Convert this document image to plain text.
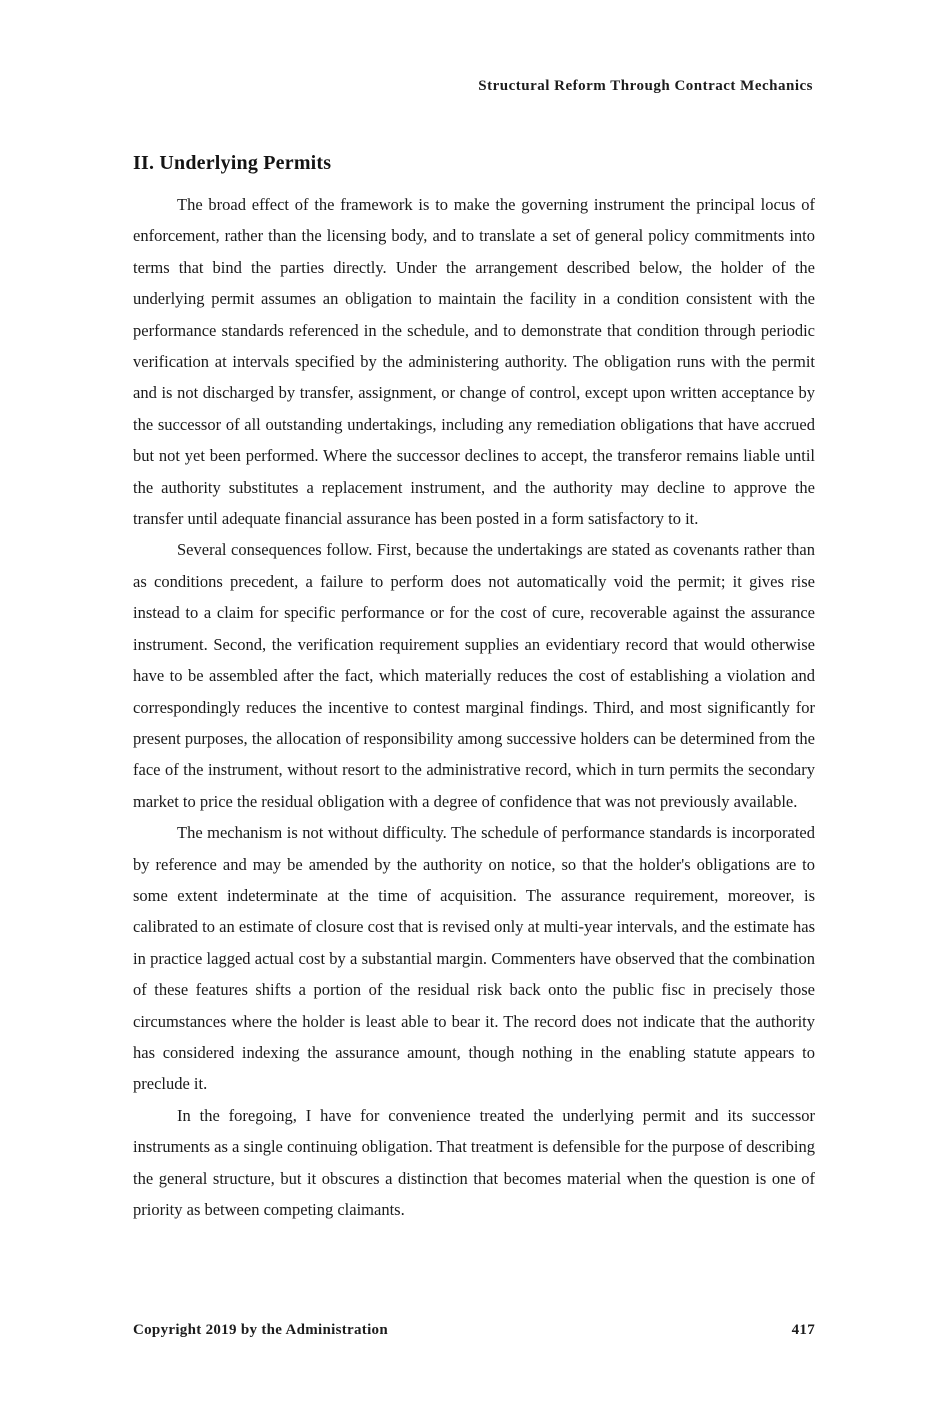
Structural Reform Through Contract Mechanics
II. Underlying Permits

The broad effect of the framework is to make the governing instrument the principal locus of enforcement, rather than the licensing body, and to translate a set of general policy commitments into terms that bind the parties directly. Under the arrangement described below, the holder of the underlying permit assumes an obligation to maintain the facility in a condition consistent with the performance standards referenced in the schedule, and to demonstrate that condition through periodic verification at intervals specified by the administering authority. The obligation runs with the permit and is not discharged by transfer, assignment, or change of control, except upon written acceptance by the successor of all outstanding undertakings, including any remediation obligations that have accrued but not yet been performed. Where the successor declines to accept, the transferor remains liable until the authority substitutes a replacement instrument, and the authority may decline to approve the transfer until adequate financial assurance has been posted in a form satisfactory to it.

Several consequences follow. First, because the undertakings are stated as covenants rather than as conditions precedent, a failure to perform does not automatically void the permit; it gives rise instead to a claim for specific performance or for the cost of cure, recoverable against the assurance instrument. Second, the verification requirement supplies an evidentiary record that would otherwise have to be assembled after the fact, which materially reduces the cost of establishing a violation and correspondingly reduces the incentive to contest marginal findings. Third, and most significantly for present purposes, the allocation of responsibility among successive holders can be determined from the face of the instrument, without resort to the administrative record, which in turn permits the secondary market to price the residual obligation with a degree of confidence that was not previously available.

The mechanism is not without difficulty. The schedule of performance standards is incorporated by reference and may be amended by the authority on notice, so that the holder's obligations are to some extent indeterminate at the time of acquisition. The assurance requirement, moreover, is calibrated to an estimate of closure cost that is revised only at multi-year intervals, and the estimate has in practice lagged actual cost by a substantial margin. Commenters have observed that the combination of these features shifts a portion of the residual risk back onto the public fisc in precisely those circumstances where the holder is least able to bear it. The record does not indicate that the authority has considered indexing the assurance amount, though nothing in the enabling statute appears to preclude it.

In the foregoing, I have for convenience treated the underlying permit and its successor instruments as a single continuing obligation. That treatment is defensible for the purpose of describing the general structure, but it obscures a distinction that becomes material when the question is one of priority as between competing claimants.

Copyright 2019 by the Administration	417
